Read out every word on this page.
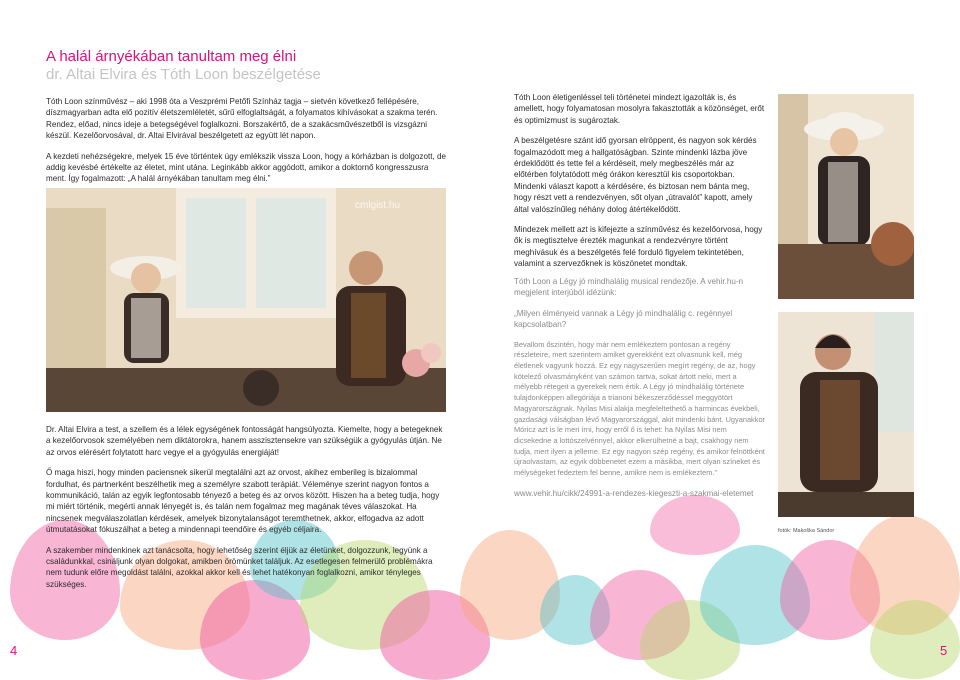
A halál árnyékában tanultam meg élni
dr. Altai Elvira és Tóth Loon beszélgetése

Tóth Loon színművész – aki 1998 óta a Veszprémi Petőfi Színház tagja – sietvén következő fellépésére, díszmagyarban adta elő pozitív életszemléletét, sűrű elfoglaltságát, a folyamatos kihívásokat a szakma terén. Rendez, előad, nincs ideje a betegségével foglalkozni. Borszakértő, de a szakácsművészetből is vizsgázni készül. Kezelőorvosával, dr. Altai Elvirával beszélgetett az együtt lét napon.

A kezdeti nehézségekre, melyek 15 éve történtek úgy emlékszik vissza Loon, hogy a kórházban is dolgozott, de addig kevésbé értékelte az életet, mint utána. Leginkább akkor aggódott, amikor a doktornő kongresszusra ment. Így fogalmazott: „A halál árnyékában tanultam meg élni.”

cmlgist.hu

Dr. Altai Elvira a test, a szellem és a lélek egységének fontosságát hangsúlyozta. Kiemelte, hogy a betegeknek a kezelőorvosok személyében nem diktátorokra, hanem asszisztensekre van szükségük a gyógyulás útján. Ne az orvos elérésért folytatott harc vegye el a gyógyulás energiáját!

Ő maga hiszi, hogy minden paciensnek sikerül megtalálni azt az orvost, akihez emberileg is bizalommal fordulhat, és partnerként beszélhetik meg a személyre szabott terápiát. Véleménye szerint nagyon fontos a kommunikáció, talán az egyik legfontosabb tényező a beteg és az orvos között. Hiszen ha a beteg tudja, hogy mi miért történik, megérti annak lényegét is, és talán nem fogalmaz meg magának téves válaszokat. Ha nincsenek megválaszolatlan kérdések, amelyek bizonytalanságot teremthetnek, akkor, elfogadva az adott útmutatásokat fókuszálhat a beteg a mindennapi teendőire és egyéb céljaira.

A szakember mindenkinek azt tanácsolta, hogy lehetőség szerint éljük az életünket, dolgozzunk, legyünk a családunkkal, csináljunk olyan dolgokat, amikben örömünket találjuk. Az esetlegesen felmerülő problémákra nem tudunk előre megoldást találni, azokkal akkor kell és lehet hatékonyan foglalkozni, amikor tényleges szükséges.

4

Tóth Loon életigenléssel teli történetei mindezt igazolták is, és amellett, hogy folyamatosan mosolyra fakasztották a közönséget, erőt és optimizmust is sugároztak.

A beszélgetésre szánt idő gyorsan elröppent, és nagyon sok kérdés fogalmazódott meg a hallgatóságban. Szinte mindenki lázba jöve érdeklődött és tette fel a kérdéseit, mely megbeszélés már az előtérben folytatódott még órákon keresztül kis csoportokban. Mindenki választ kapott a kérdésére, és biztosan nem bánta meg, hogy részt vett a rendezvényen, sőt olyan „útravalót” kapott, amely által valószínűleg néhány dolog átértékelődött.

Mindezek mellett azt is kifejezte a színművész és kezelőorvosa, hogy ők is megtisztelve érezték magunkat a rendezvényre történt meghívásuk és a beszélgetés felé forduló figyelem tekintetében, valamint a szervezőknek is köszönetet mondtak.

Tóth Loon a Légy jó mindhalálig musical rendezője. A vehir.hu-n megjelent interjúból idézünk:

„Milyen élményeid vannak a Légy jó mindhalálig c. regénnyel kapcsolatban?

Bevallom őszintén, hogy már nem emlékeztem pontosan a regény részleteire, mert szerintem amiket gyerekként ezt olvasnunk kell, még életlenek vagyunk hozzá. Ez egy nagyszerűen megírt regény, de az, hogy kötelező olvasmányként van számon tartva, sokat ártott neki, mert a mélyebb rétegeit a gyerekek nem értik. A Légy jó mindhalálig története tulajdonképpen allegóriája a trianoni békeszerződéssel meggyötört Magyarországnak. Nyilas Misi alakja megfeleltethető a harmincas évekbeli, gazdasági válságban lévő Magyarországgal, akit mindenki bánt. Ugyanakkor Móricz azt is le meri írni, hogy erről ő is tehet: ha Nyilas Misi nem dicsekedne a lottószelvénnyel, akkor elkerülhetné a bajt, csakhogy nem tudja, mert ilyen a jelleme. Ez egy nagyon szép regény, és amikor felnöttként újraolvastam, az egyik döbbenetet ezem a másikba, mert olyan színeket és mélységeket fedeztem fel benne, amikre nem is emlékeztem.”

www.vehir.hu/cikk/24991-a-rendezes-kiegeszti-a-szakmai-eletemet

fotók: Makoška Sándor
5
